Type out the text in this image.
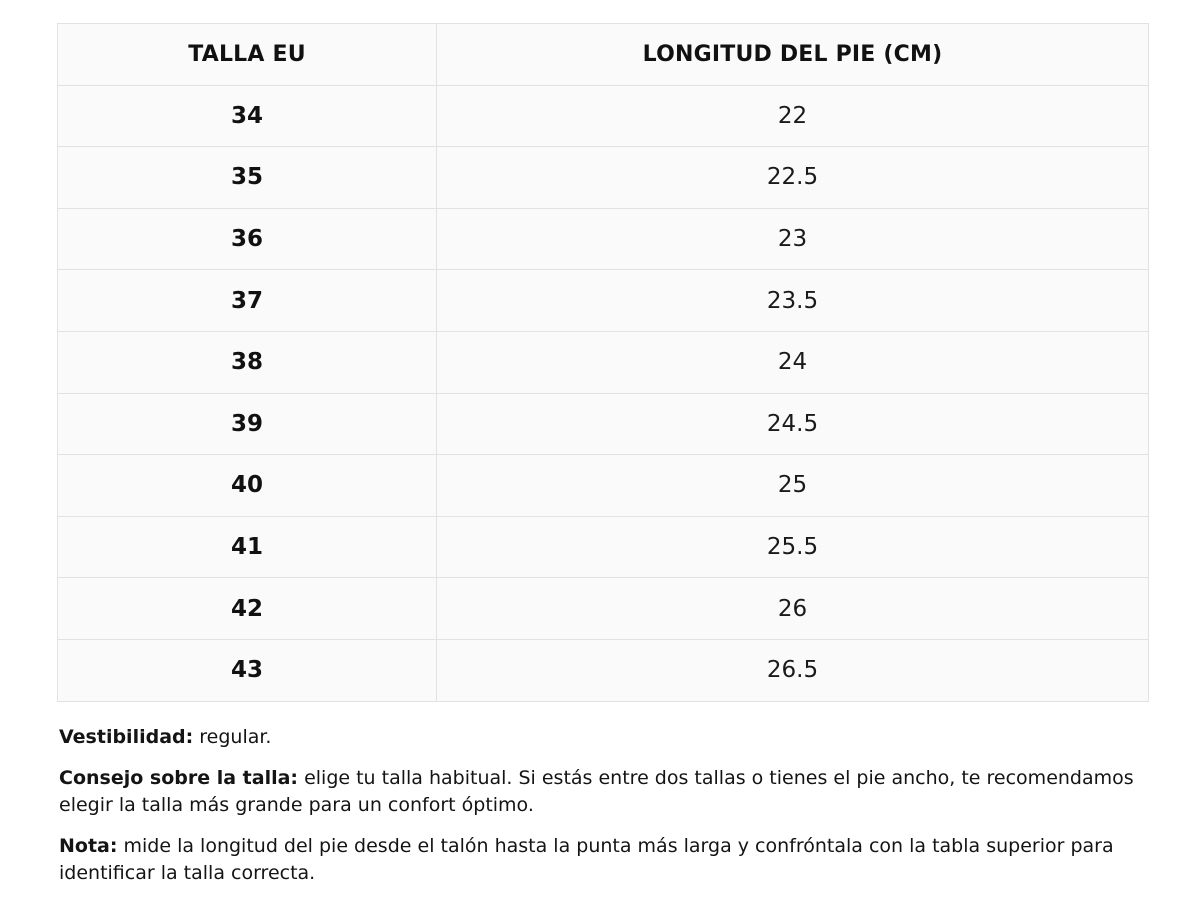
TALLA EU	LONGITUD DEL PIE (CM)
34	22
35	22.5
36	23
37	23.5
38	24
39	24.5
40	25
41	25.5
42	26
43	26.5

Vestibilidad: regular.

Consejo sobre la talla: elige tu talla habitual. Si estás entre dos tallas o tienes el pie ancho, te recomendamos elegir la talla más grande para un confort óptimo.

Nota: mide la longitud del pie desde el talón hasta la punta más larga y confróntala con la tabla superior para identificar la talla correcta.
